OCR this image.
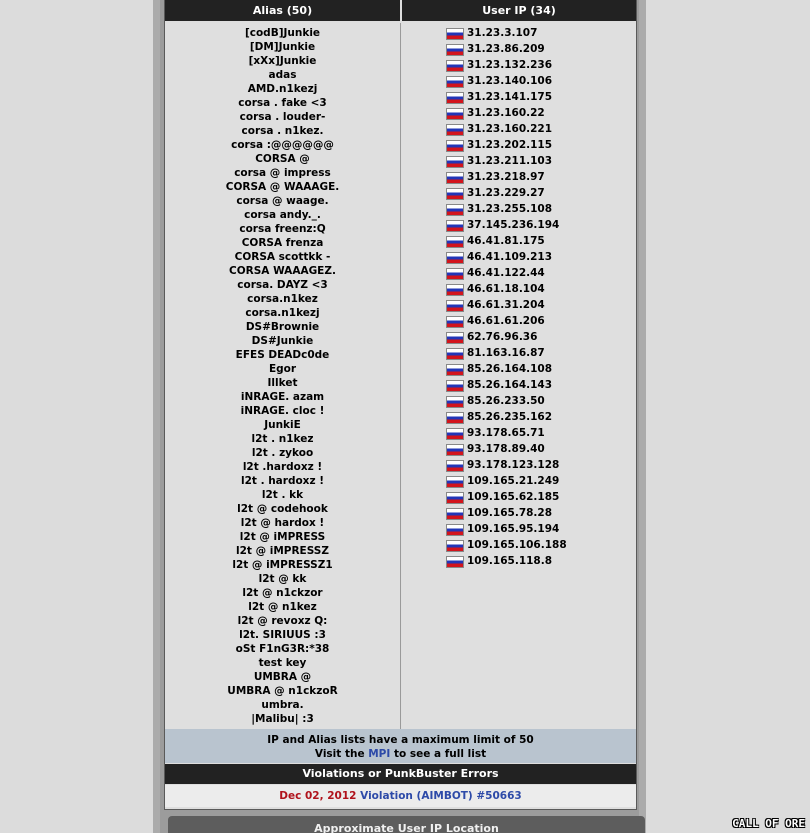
Alias (50)	User IP (34)
[codB]Junkie
[DM]Junkie
[xXx]Junkie
adas
AMD.n1kezj
corsa . fake <3
corsa . louder-
corsa . n1kez.
corsa :@@@@@@
CORSA @
corsa @ impress
CORSA @ WAAAGE.
corsa @ waage.
corsa andy._.
corsa freenz:Q
CORSA frenza
CORSA scottkk -
CORSA WAAAGEZ.
corsa. DAYZ <3
corsa.n1kez
corsa.n1kezj
DS#Brownie
DS#Junkie
EFES DEADc0de
Egor
Illket
iNRAGE. azam
iNRAGE. cloc !
JunkiE
l2t . n1kez
l2t . zykoo
l2t .hardoxz !
l2t . hardoxz !
l2t . kk
l2t @ codehook
l2t @ hardox !
l2t @ iMPRESS
l2t @ iMPRESSZ
l2t @ iMPRESSZ1
l2t @ kk
l2t @ n1ckzor
l2t @ n1kez
l2t @ revoxz Q:
l2t. SIRIUUS :3
oSt F1nG3R:*38
test key
UMBRA @
UMBRA @ n1ckzoR
umbra.
|Malibu| :3
31.23.3.107
31.23.86.209
31.23.132.236
31.23.140.106
31.23.141.175
31.23.160.22
31.23.160.221
31.23.202.115
31.23.211.103
31.23.218.97
31.23.229.27
31.23.255.108
37.145.236.194
46.41.81.175
46.41.109.213
46.41.122.44
46.61.18.104
46.61.31.204
46.61.61.206
62.76.96.36
81.163.16.87
85.26.164.108
85.26.164.143
85.26.233.50
85.26.235.162
93.178.65.71
93.178.89.40
93.178.123.128
109.165.21.249
109.165.62.185
109.165.78.28
109.165.95.194
109.165.106.188
109.165.118.8
IP and Alias lists have a maximum limit of 50
Visit the MPI to see a full list
Violations or PunkBuster Errors
Dec 02, 2012 Violation (AIMBOT) #50663
Approximate User IP Location	CALL OF ORE
